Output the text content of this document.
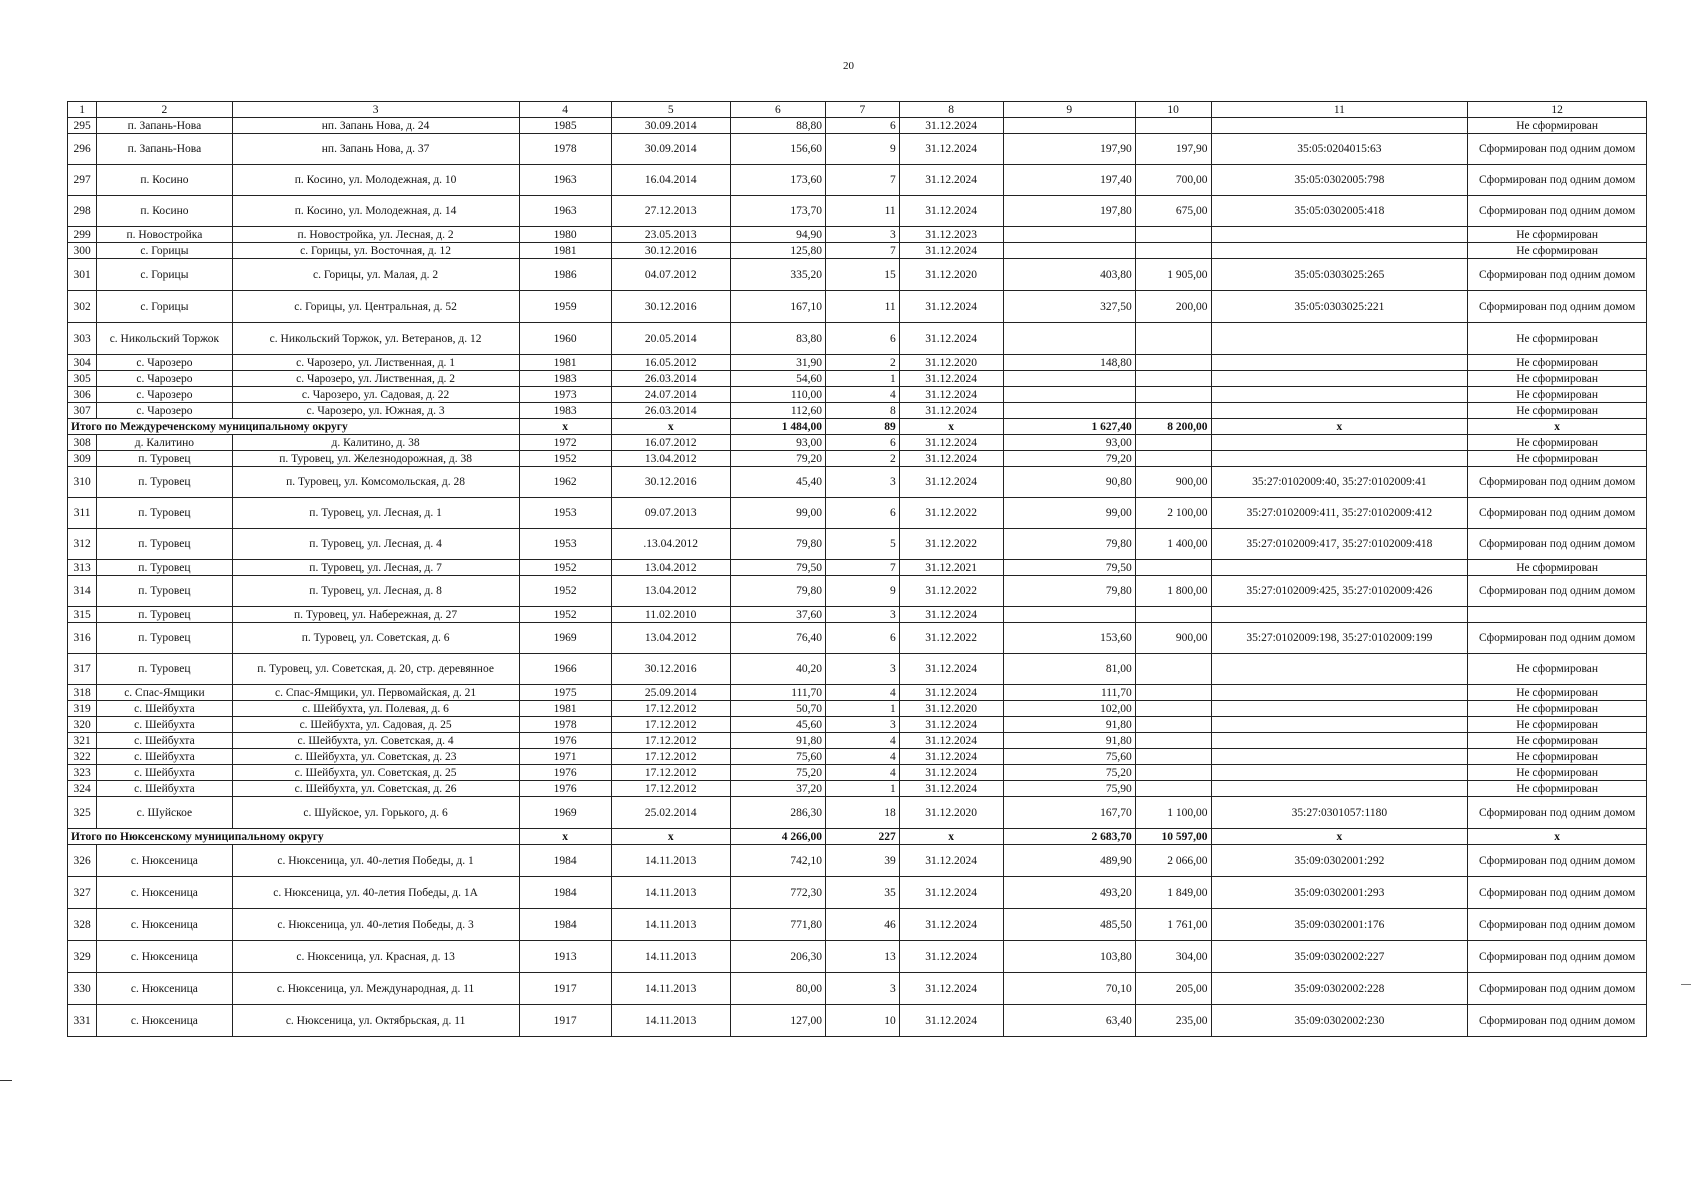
20
1	2	3	4	5	6	7	8	9	10	11	12
295	п. Запань-Нова	нп. Запань Нова, д. 24	1985	30.09.2014	88,80	6	31.12.2024				Не сформирован
296	п. Запань-Нова	нп. Запань Нова, д. 37	1978	30.09.2014	156,60	9	31.12.2024	197,90	197,90	35:05:0204015:63	Сформирован под одним домом
297	п. Косино	п. Косино, ул. Молодежная, д. 10	1963	16.04.2014	173,60	7	31.12.2024	197,40	700,00	35:05:0302005:798	Сформирован под одним домом
298	п. Косино	п. Косино, ул. Молодежная, д. 14	1963	27.12.2013	173,70	11	31.12.2024	197,80	675,00	35:05:0302005:418	Сформирован под одним домом
299	п. Новостройка	п. Новостройка, ул. Лесная, д. 2	1980	23.05.2013	94,90	3	31.12.2023				Не сформирован
300	с. Горицы	с. Горицы, ул. Восточная, д. 12	1981	30.12.2016	125,80	7	31.12.2024				Не сформирован
301	с. Горицы	с. Горицы, ул. Малая, д. 2	1986	04.07.2012	335,20	15	31.12.2020	403,80	1 905,00	35:05:0303025:265	Сформирован под одним домом
302	с. Горицы	с. Горицы, ул. Центральная, д. 52	1959	30.12.2016	167,10	11	31.12.2024	327,50	200,00	35:05:0303025:221	Сформирован под одним домом
303	с. Никольский Торжок	с. Никольский Торжок, ул. Ветеранов, д. 12	1960	20.05.2014	83,80	6	31.12.2024				Не сформирован
304	с. Чарозеро	с. Чарозеро, ул. Лиственная, д. 1	1981	16.05.2012	31,90	2	31.12.2020	148,80			Не сформирован
305	с. Чарозеро	с. Чарозеро, ул. Лиственная, д. 2	1983	26.03.2014	54,60	1	31.12.2024				Не сформирован
306	с. Чарозеро	с. Чарозеро, ул. Садовая, д. 22	1973	24.07.2014	110,00	4	31.12.2024				Не сформирован
307	с. Чарозеро	с. Чарозеро, ул. Южная, д. 3	1983	26.03.2014	112,60	8	31.12.2024				Не сформирован
Итого по Междуреченскому муниципальному округу			x	x	1 484,00	89	x	1 627,40	8 200,00	x	x
308	д. Калитино	д. Калитино, д. 38	1972	16.07.2012	93,00	6	31.12.2024	93,00			Не сформирован
309	п. Туровец	п. Туровец, ул. Железнодорожная, д. 38	1952	13.04.2012	79,20	2	31.12.2024	79,20			Не сформирован
310	п. Туровец	п. Туровец, ул. Комсомольская, д. 28	1962	30.12.2016	45,40	3	31.12.2024	90,80	900,00	35:27:0102009:40, 35:27:0102009:41	Сформирован под одним домом
311	п. Туровец	п. Туровец, ул. Лесная, д. 1	1953	09.07.2013	99,00	6	31.12.2022	99,00	2 100,00	35:27:0102009:411, 35:27:0102009:412	Сформирован под одним домом
312	п. Туровец	п. Туровец, ул. Лесная, д. 4	1953	.13.04.2012	79,80	5	31.12.2022	79,80	1 400,00	35:27:0102009:417, 35:27:0102009:418	Сформирован под одним домом
313	п. Туровец	п. Туровец, ул. Лесная, д. 7	1952	13.04.2012	79,50	7	31.12.2021	79,50			Не сформирован
314	п. Туровец	п. Туровец, ул. Лесная, д. 8	1952	13.04.2012	79,80	9	31.12.2022	79,80	1 800,00	35:27:0102009:425, 35:27:0102009:426	Сформирован под одним домом
315	п. Туровец	п. Туровец, ул. Набережная, д. 27	1952	11.02.2010	37,60	3	31.12.2024				
316	п. Туровец	п. Туровец, ул. Советская, д. 6	1969	13.04.2012	76,40	6	31.12.2022	153,60	900,00	35:27:0102009:198, 35:27:0102009:199	Сформирован под одним домом
317	п. Туровец	п. Туровец, ул. Советская, д. 20, стр. деревянное	1966	30.12.2016	40,20	3	31.12.2024	81,00			Не сформирован
318	с. Спас-Ямщики	с. Спас-Ямщики, ул. Первомайская, д. 21	1975	25.09.2014	111,70	4	31.12.2024	111,70			Не сформирован
319	с. Шейбухта	с. Шейбухта, ул. Полевая, д. 6	1981	17.12.2012	50,70	1	31.12.2020	102,00			Не сформирован
320	с. Шейбухта	с. Шейбухта, ул. Садовая, д. 25	1978	17.12.2012	45,60	3	31.12.2024	91,80			Не сформирован
321	с. Шейбухта	с. Шейбухта, ул. Советская, д. 4	1976	17.12.2012	91,80	4	31.12.2024	91,80			Не сформирован
322	с. Шейбухта	с. Шейбухта, ул. Советская, д. 23	1971	17.12.2012	75,60	4	31.12.2024	75,60			Не сформирован
323	с. Шейбухта	с. Шейбухта, ул. Советская, д. 25	1976	17.12.2012	75,20	4	31.12.2024	75,20			Не сформирован
324	с. Шейбухта	с. Шейбухта, ул. Советская, д. 26	1976	17.12.2012	37,20	1	31.12.2024	75,90			Не сформирован
325	с. Шуйское	с. Шуйское, ул. Горького, д. 6	1969	25.02.2014	286,30	18	31.12.2020	167,70	1 100,00	35:27:0301057:1180	Сформирован под одним домом
Итого по Нюксенскому муниципальному округу			x	x	4 266,00	227	x	2 683,70	10 597,00	x	x
326	с. Нюксеница	с. Нюксеница, ул. 40-летия Победы, д. 1	1984	14.11.2013	742,10	39	31.12.2024	489,90	2 066,00	35:09:0302001:292	Сформирован под одним домом
327	с. Нюксеница	с. Нюксеница, ул. 40-летия Победы, д. 1А	1984	14.11.2013	772,30	35	31.12.2024	493,20	1 849,00	35:09:0302001:293	Сформирован под одним домом
328	с. Нюксеница	с. Нюксеница, ул. 40-летия Победы, д. 3	1984	14.11.2013	771,80	46	31.12.2024	485,50	1 761,00	35:09:0302001:176	Сформирован под одним домом
329	с. Нюксеница	с. Нюксеница, ул. Красная, д. 13	1913	14.11.2013	206,30	13	31.12.2024	103,80	304,00	35:09:0302002:227	Сформирован под одним домом
330	с. Нюксеница	с. Нюксеница, ул. Международная, д. 11	1917	14.11.2013	80,00	3	31.12.2024	70,10	205,00	35:09:0302002:228	Сформирован под одним домом
331	с. Нюксеница	с. Нюксеница, ул. Октябрьская, д. 11	1917	14.11.2013	127,00	10	31.12.2024	63,40	235,00	35:09:0302002:230	Сформирован под одним домом
